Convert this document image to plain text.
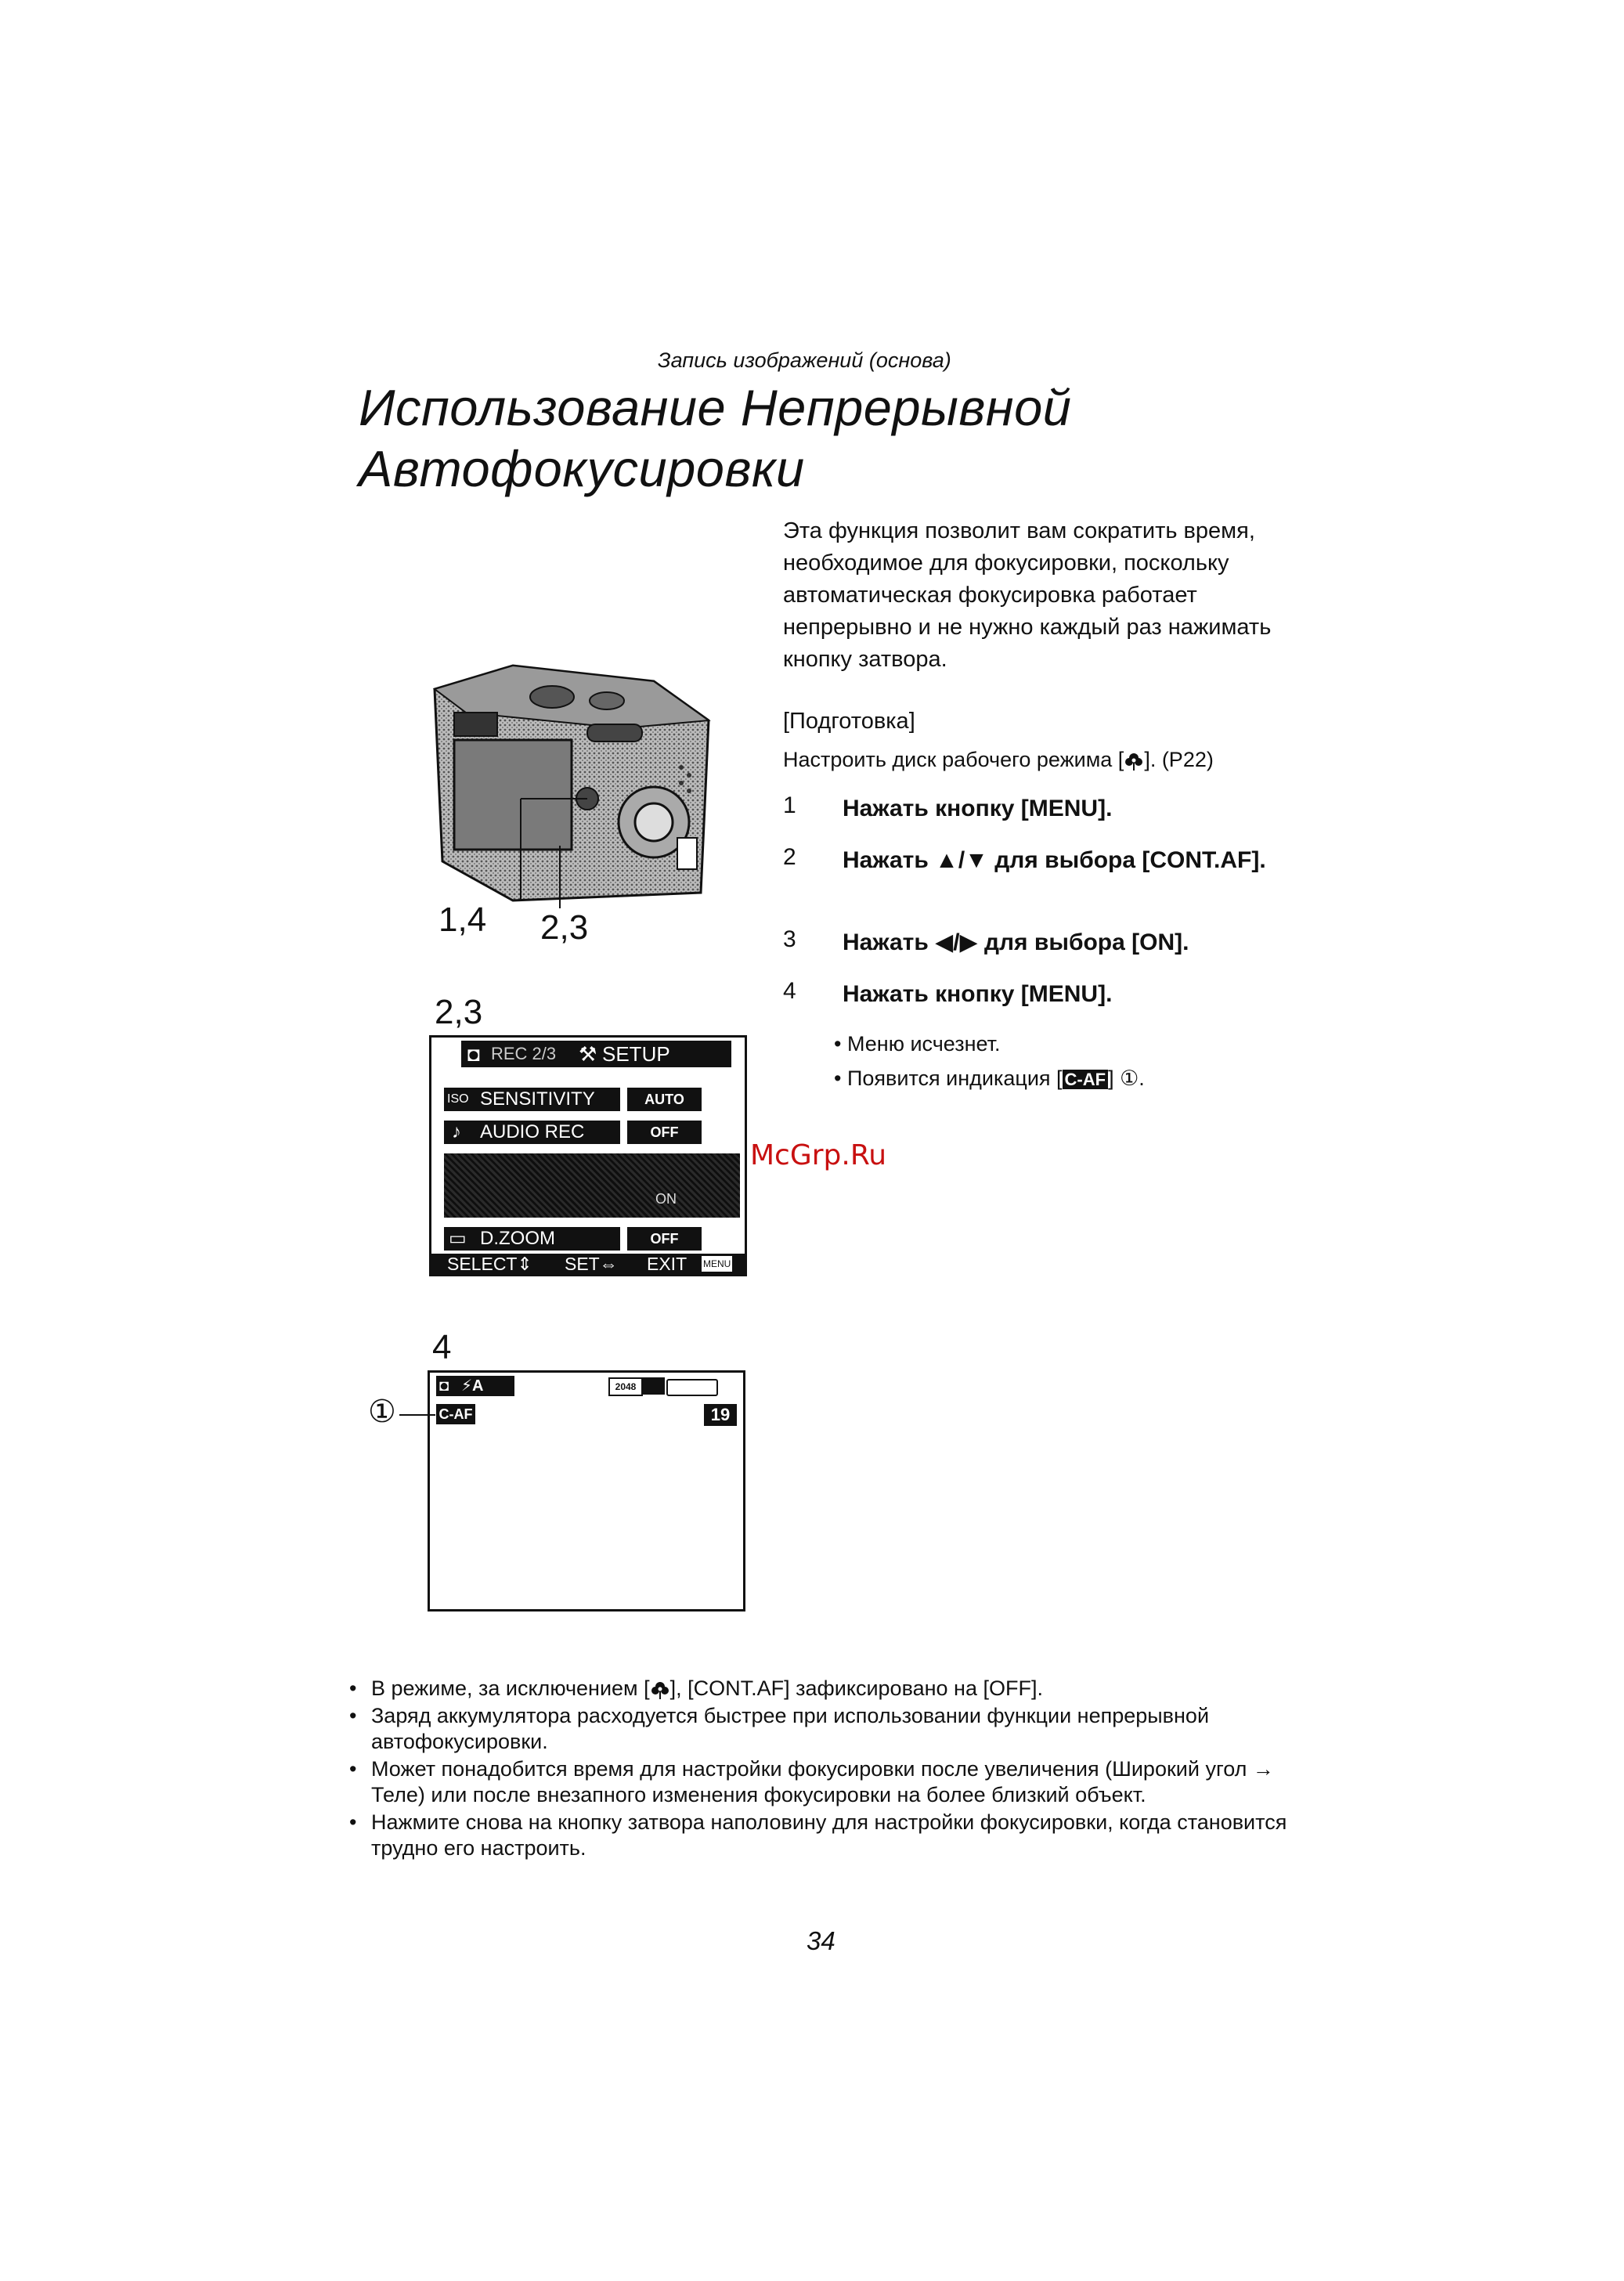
Запись изображений (основа)
Использование Непрерывной
Автофокусировки
Эта функция позволит вам сократить время, необходимое для фокусировки, поскольку автоматическая фокусировка работает непрерывно и не нужно каждый раз нажимать кнопку затвора.
[Подготовка]
Настроить диск рабочего режима [ ]. (P22)
1 Нажать кнопку [MENU].
2 Нажать ▲/▼ для выбора [CONT.AF].
3 Нажать ◀/▶ для выбора [ON].
4 Нажать кнопку [MENU].
• Меню исчезнет.
• Появится индикация [ C-AF ] ①.
McGrp.Ru
1,4 2,3
2,3
◘ REC 2/3 ⚒ SETUP
ISO SENSITIVITY	AUTO
♪ AUDIO REC	OFF
ON
▭ D.ZOOM	OFF
SELECT⇕ SET⇔ EXIT MENU
4
◘ ⚡A	2048
C-AF	19
①
• В режиме, за исключением [ ], [CONT.AF] зафиксировано на [OFF].
• Заряд аккумулятора расходуется быстрее при использовании функции непрерывной автофокусировки.
• Может понадобится время для настройки фокусировки после увеличения (Широкий угол → Теле) или после внезапного изменения фокусировки на более близкий объект.
• Нажмите снова на кнопку затвора наполовину для настройки фокусировки, когда становится трудно его настроить.
34
